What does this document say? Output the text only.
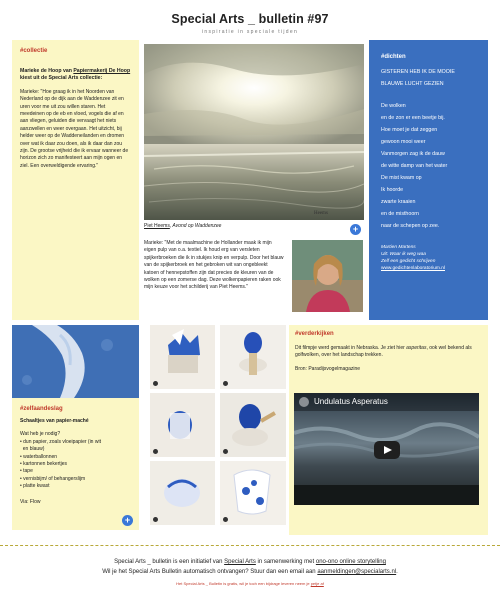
Special Arts _ bulletin #97
inspiratie in speciale tijden
#collectie
Marieke de Hoop van Papiermakerij De Hoop kiest uit de Special Arts collectie:
Marieke: "Hoe graag ik in het Noorden van Nederland op de dijk aan de Waddenzee zit en uren voor me uit zou willen staren. Het meedeinen op de eb en vloed, vogels die af en aan vliegen, geluiden die vervaagt het niets aanzwellen en weer overgaan. Het uitzicht, bij helder weer op de Waddeneilanden en dromen over wat ik daar zou doen, als ik daar dan zou zijn. De grootse vrijheid die ik ervaar wanneer de horizon zich zo manifesteert aan mijn ogen en ziel. Een overweldigende ervaring."
Heems
Piet Heems, Avond op Waddenzee	+
Marieke: "Met de maalmachine de Hollander maak ik mijn eigen pulp van o.a. textiel. Ik houd erg van versleten spijkerbroeken die ik in stukjes knip en verpulp. Door het blauw van de spijkerbroek en het gebroken wit van ongebleekt katoen of hennepstoffen zijn dat precies de kleuren van de wolken op een zomerse dag. Deze wolkenpapieren raken ook mijn keuze voor het schilderij van Piet Heems."
#dichten
GISTEREN HEB IK DE MOOIE
BLAUWE LUCHT GEZIEN
De wolken
en de zon er een beetje bij.
Hoe moet je dat zeggen
gewoon mooi weer
Vanmorgen zag ik de dauw
de witte damp van het water
De mist kwam op
Ik hoorde
zwarte kraaien
en de misthoorn
naar de schepen op zee.
Martien Martens
Uit: Waar ik weg waa
Zelf een gedicht schrijven
www.gedichtenlaboratorium.nl
#zelfaandeslag
Schaaltjes van papier-maché
Wat heb je nodig?
• dun papier, zoals vloeipapier (in wit
en blauw)
• waterballonnen
• kartonnen bekertjes
• tape
• vernisbijm/ of behangerslijm
• platte kwast
Via: Flow
+
#verderkijken
Dit filmpje werd gemaakt in Nebraska. Je ziet hier asperitas, ook wel bekend als golfwolken, over het landschap trekken.
Bron: Paradijsvogelmagazine
Undulatus Asperatus
Special Arts _ bulletin is een initiatief van Special Arts in samenwerking met ono-ono online storytelling
Wil je het Special Arts Bulletin automatisch ontvangen? Stuur dan een email aan aanmeldingen@specialarts.nl.
Het Special Arts _ Bulletin is gratis, wil je toch een bijdrage leveren neem je petje af
